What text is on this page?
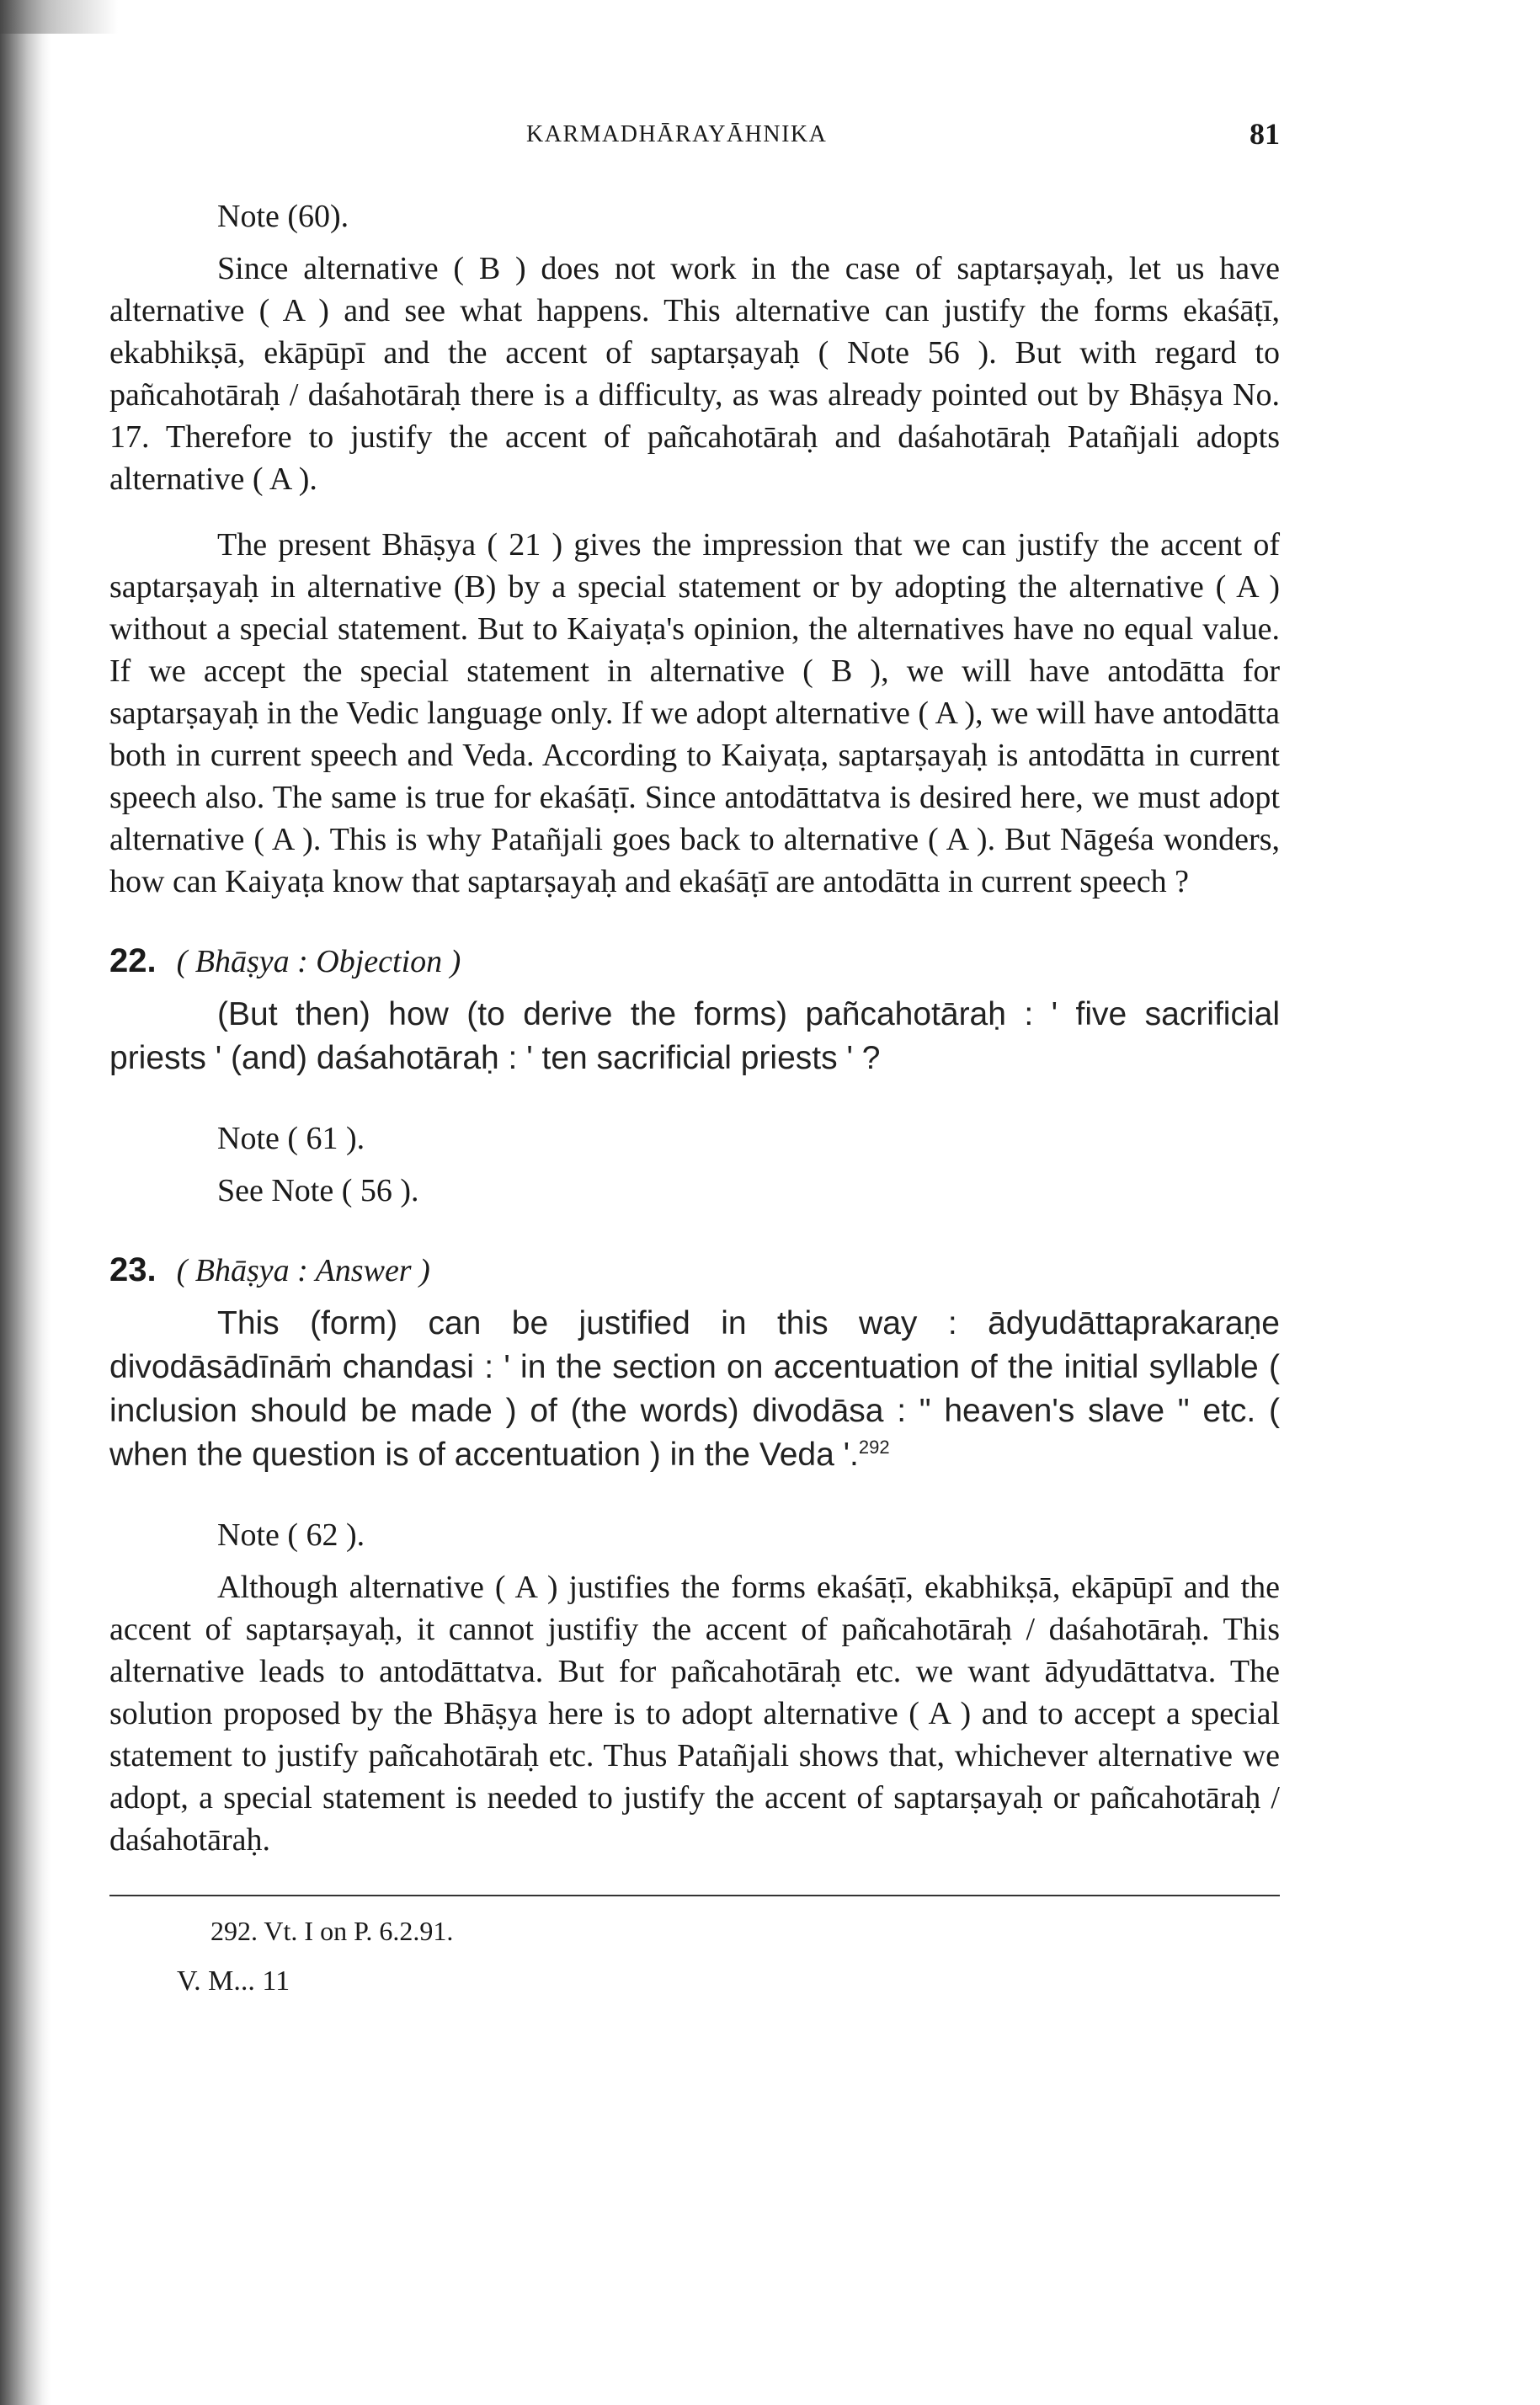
KARMADHĀRAYĀHNIKA	81

Note (60).

Since alternative ( B ) does not work in the case of saptarṣayaḥ, let us have alternative ( A ) and see what happens. This alternative can justify the forms ekaśāṭī, ekabhikṣā, ekāpūpī and the accent of saptarṣayaḥ ( Note 56 ). But with regard to pañcahotāraḥ / daśahotāraḥ there is a difficulty, as was already pointed out by Bhāṣya No. 17. Therefore to justify the accent of pañcahotāraḥ and daśahotāraḥ Patañjali adopts alternative ( A ).

The present Bhāṣya ( 21 ) gives the impression that we can justify the accent of saptarṣayaḥ in alternative (B) by a special statement or by adopting the alternative ( A ) without a special statement. But to Kaiyaṭa's opinion, the alternatives have no equal value. If we accept the special statement in alternative ( B ), we will have antodātta for saptarṣayaḥ in the Vedic language only. If we adopt alternative ( A ), we will have antodātta both in current speech and Veda. According to Kaiyaṭa, saptarṣayaḥ is antodātta in current speech also. The same is true for ekaśāṭī. Since antodāttatva is desired here, we must adopt alternative ( A ). This is why Patañjali goes back to alternative ( A ). But Nāgeśa wonders, how can Kaiyaṭa know that saptarṣayaḥ and ekaśāṭī are antodātta in current speech ?

22. ( Bhāṣya : Objection )

(But then) how (to derive the forms) pañcahotāraḥ : ' five sacrificial priests ' (and) daśahotāraḥ : ' ten sacrificial priests ' ?

Note ( 61 ).

See Note ( 56 ).

23. ( Bhāṣya : Answer )

This (form) can be justified in this way : ādyudāttaprakaraṇe divodāsādīnāṁ chandasi : ' in the section on accentuation of the initial syllable ( inclusion should be made ) of (the words) divodāsa : " heaven's slave " etc. ( when the question is of accentuation ) in the Veda '.$^{292}$

Note ( 62 ).

Although alternative ( A ) justifies the forms ekaśāṭī, ekabhikṣā, ekāpūpī and the accent of saptarṣayaḥ, it cannot justifiy the accent of pañcahotāraḥ / daśahotāraḥ. This alternative leads to antodāttatva. But for pañcahotāraḥ etc. we want ādyudāttatva. The solution proposed by the Bhāṣya here is to adopt alternative ( A ) and to accept a special statement to justify pañcahotāraḥ etc. Thus Patañjali shows that, whichever alternative we adopt, a special statement is needed to justify the accent of saptarṣayaḥ or pañcahotāraḥ / daśahotāraḥ.

292. Vt. I on P. 6.2.91.

V. M... 11
